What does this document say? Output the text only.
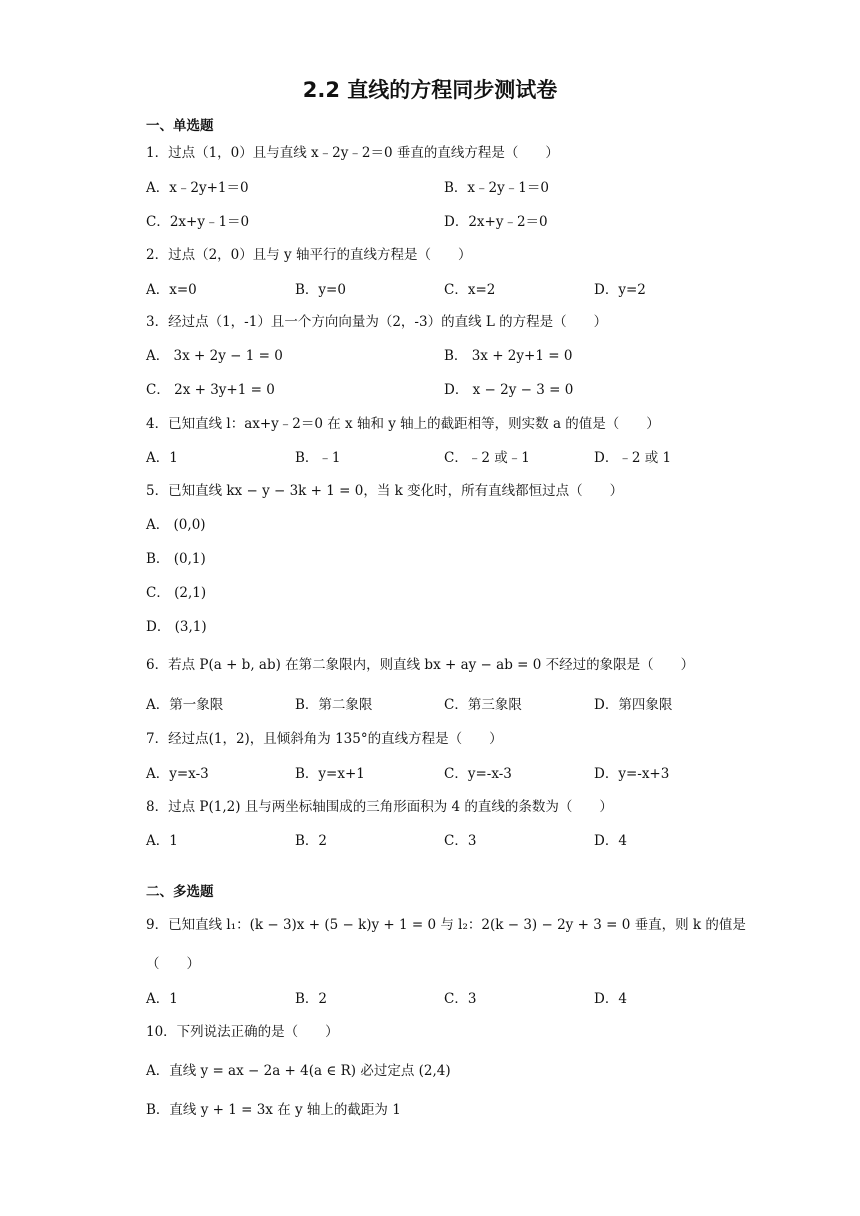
2.2 直线的方程同步测试卷
一、单选题
1．过点（1，0）且与直线 x﹣2y﹣2＝0 垂直的直线方程是（　　）
A．x﹣2y+1＝0	B．x﹣2y﹣1＝0
C．2x+y﹣1＝0	D．2x+y﹣2＝0
2．过点（2，0）且与 y 轴平行的直线方程是（　　）
A．x=0	B．y=0	C．x=2	D．y=2
3．经过点（1，-1）且一个方向向量为（2，-3）的直线 L 的方程是（　　）
A． 3x + 2y − 1 = 0	B． 3x + 2y+1 = 0
C． 2x + 3y+1 = 0	D． x − 2y − 3 = 0
4．已知直线 l：ax+y﹣2＝0 在 x 轴和 y 轴上的截距相等，则实数 a 的值是（　　）
A．1	B．﹣1	C．﹣2 或﹣1	D．﹣2 或 1
5．已知直线 kx − y − 3k + 1 = 0，当 k 变化时，所有直线都恒过点（　　）
A． (0,0)
B． (0,1)
C． (2,1)
D． (3,1)
6．若点 P(a + b, ab) 在第二象限内，则直线 bx + ay − ab = 0 不经过的象限是（　　）
A．第一象限	B．第二象限	C．第三象限	D．第四象限
7．经过点(1，2)，且倾斜角为 135°的直线方程是（　　）
A．y=x-3	B．y=x+1	C．y=-x-3	D．y=-x+3
8．过点 P(1,2) 且与两坐标轴围成的三角形面积为 4 的直线的条数为（　　）
A．1	B．2	C．3	D．4
二、多选题
9．已知直线 l₁：(k − 3)x + (5 − k)y + 1 = 0 与 l₂：2(k − 3) − 2y + 3 = 0 垂直，则 k 的值是
（　　）
A．1	B．2	C．3	D．4
10．下列说法正确的是（　　）
A．直线 y = ax − 2a + 4(a ∈ R) 必过定点 (2,4)
B．直线 y + 1 = 3x 在 y 轴上的截距为 1
